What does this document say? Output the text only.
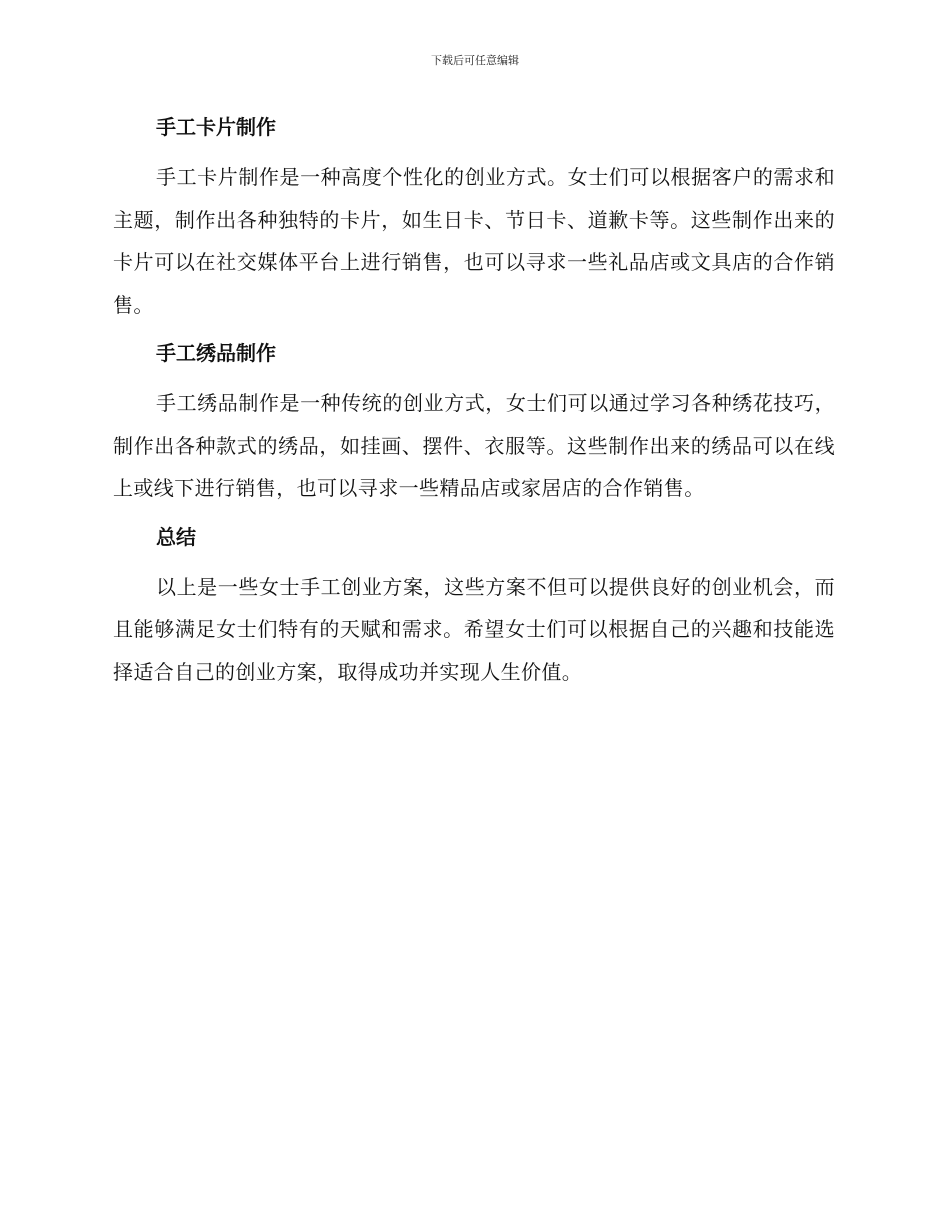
下载后可任意编辑
手工卡片制作

手工卡片制作是一种高度个性化的创业方式。女士们可以根据客户的需求和主题，制作出各种独特的卡片，如生日卡、节日卡、道歉卡等。这些制作出来的卡片可以在社交媒体平台上进行销售，也可以寻求一些礼品店或文具店的合作销售。

手工绣品制作

手工绣品制作是一种传统的创业方式，女士们可以通过学习各种绣花技巧，制作出各种款式的绣品，如挂画、摆件、衣服等。这些制作出来的绣品可以在线上或线下进行销售，也可以寻求一些精品店或家居店的合作销售。

总结

以上是一些女士手工创业方案，这些方案不但可以提供良好的创业机会，而且能够满足女士们特有的天赋和需求。希望女士们可以根据自己的兴趣和技能选择适合自己的创业方案，取得成功并实现人生价值。
